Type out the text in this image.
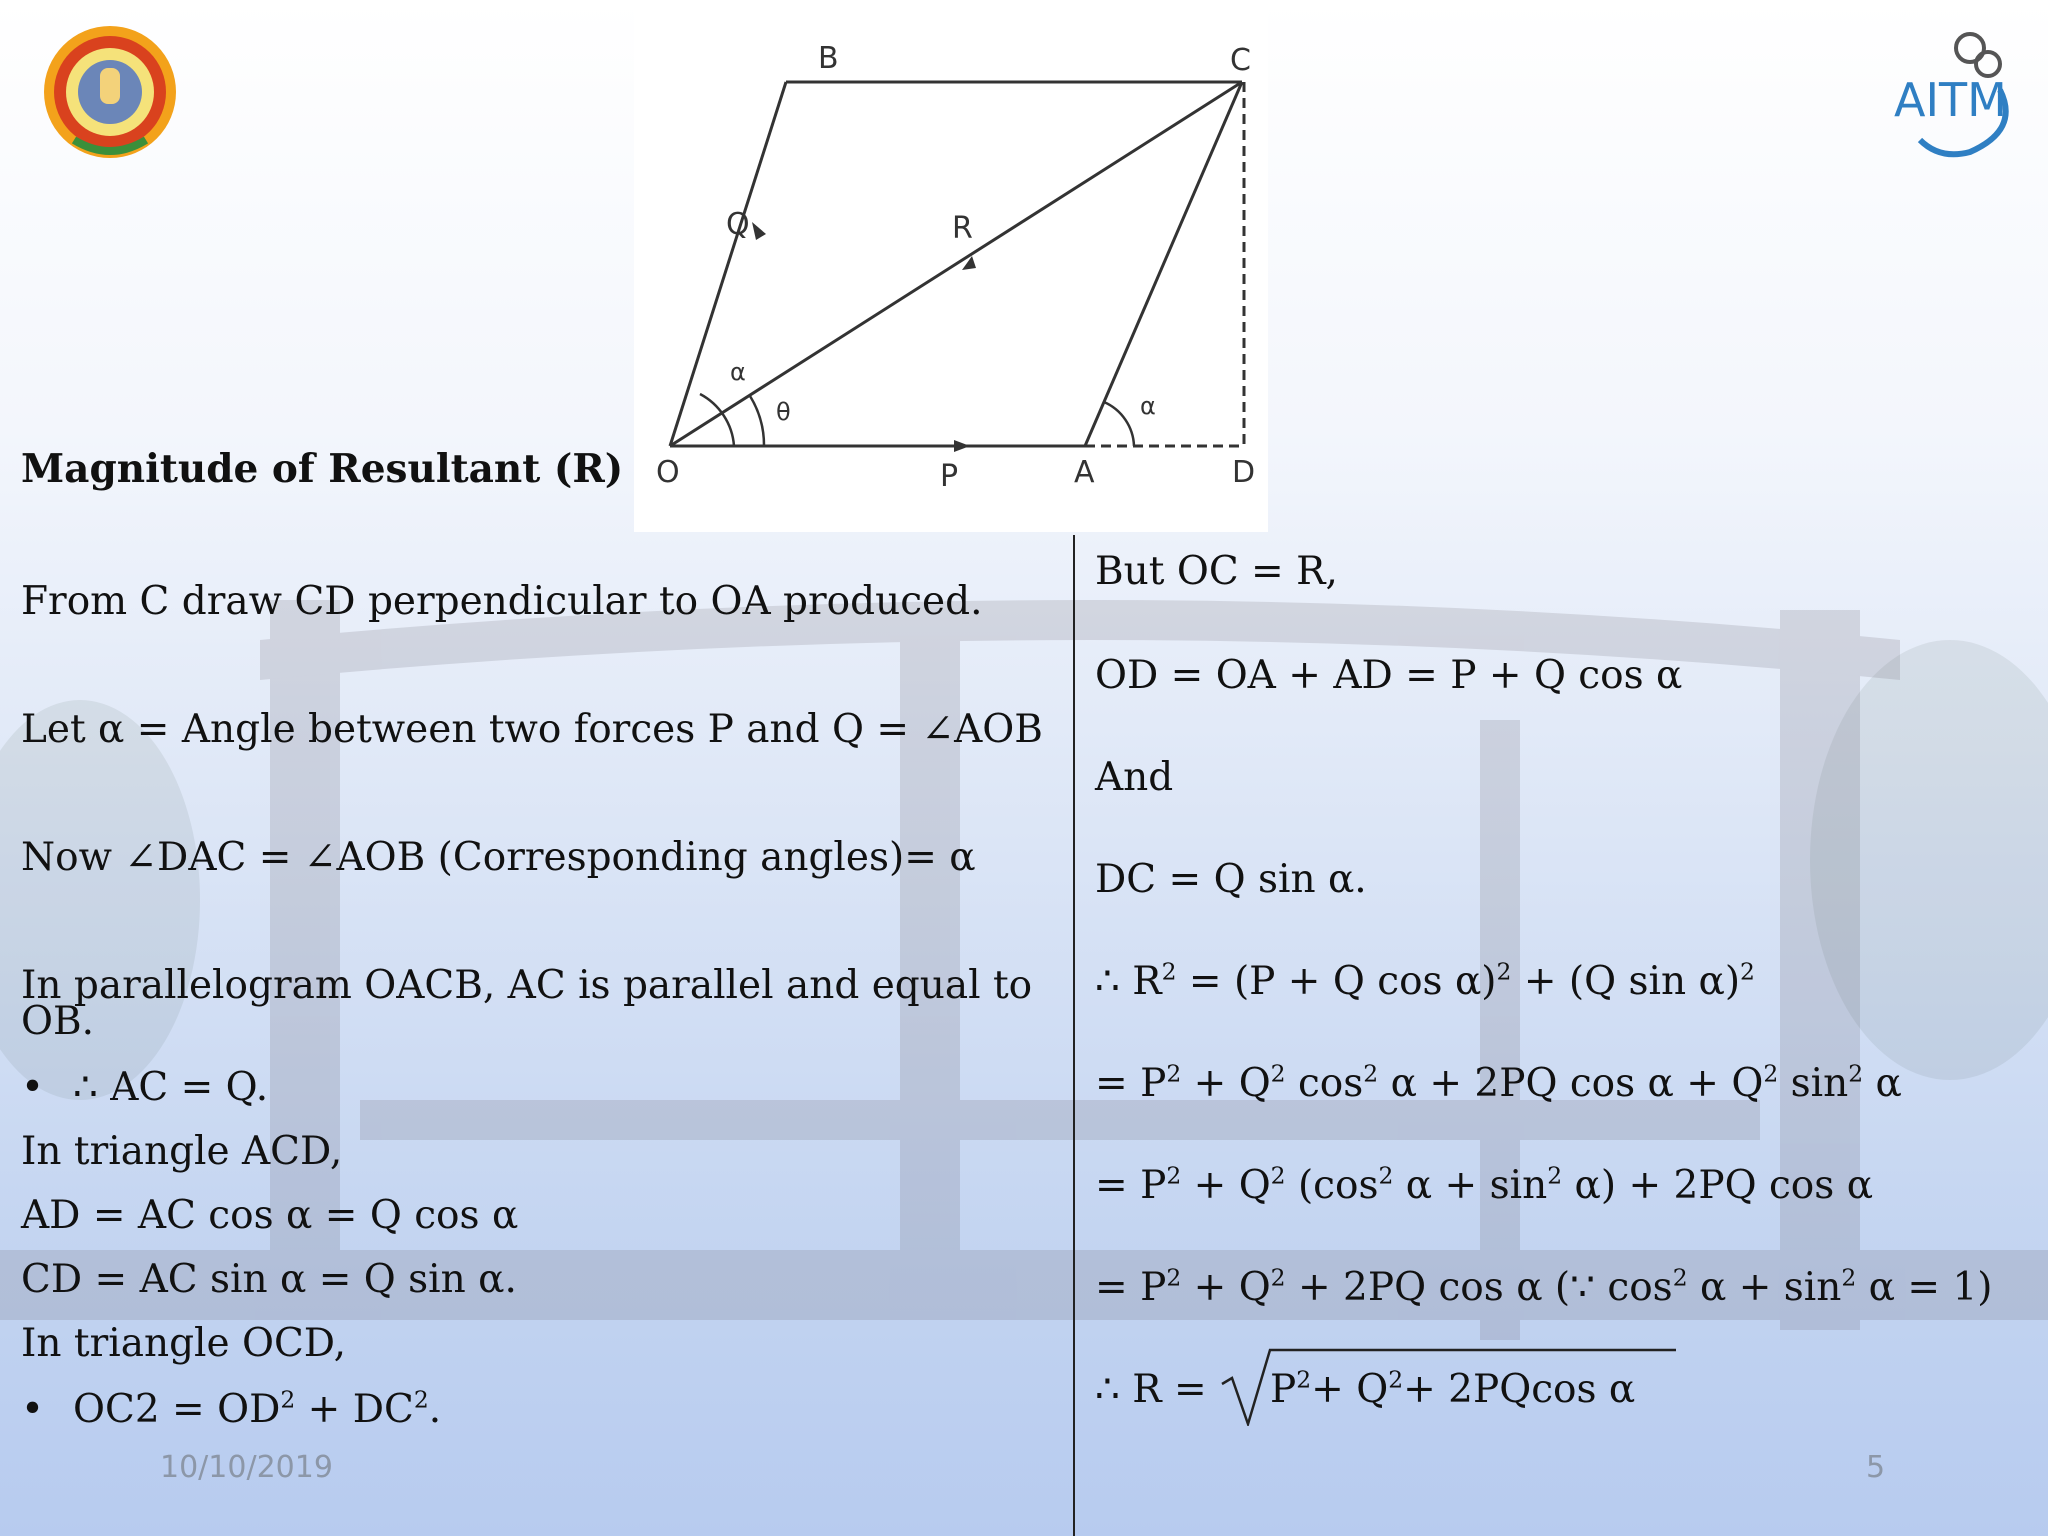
AITM
B	C
Q	R
O	P	A	D
α
θ	α
Magnitude of Resultant (R)
From C draw CD perpendicular to OA produced.
Let α = Angle between two forces P and Q = ∠AOB
Now ∠DAC = ∠AOB (Corresponding angles)= α
In parallelogram OACB, AC is parallel and equal to OB.
• ∴ AC = Q.
In triangle ACD,
AD = AC cos α = Q cos α
CD = AC sin α = Q sin α.
In triangle OCD,
• $OC2 = OD^2 + DC^2$.
But OC = R,
OD = OA + AD = P + Q cos α
And
DC = Q sin α.
∴ $R^2 = (P + Q$ cos α)$^2$ + (Q sin α)$^2$
= $P^2 + Q^2$ $\cos^2 \alpha + 2PQ$ $\cos \alpha + Q^2$ $\sin^2 \alpha$
= $P^2 + Q^2$ ($\cos^2$ $\alpha + \sin^2 \alpha) + 2PQ$ cos α
= $P^2 + Q^2 + 2PQ$ cos α (∵ $\cos^2 \alpha + \sin^2 \alpha = 1$)
∴ $R = P^2+ Q^2+ 2PQcos$ α
10/10/2019	5
